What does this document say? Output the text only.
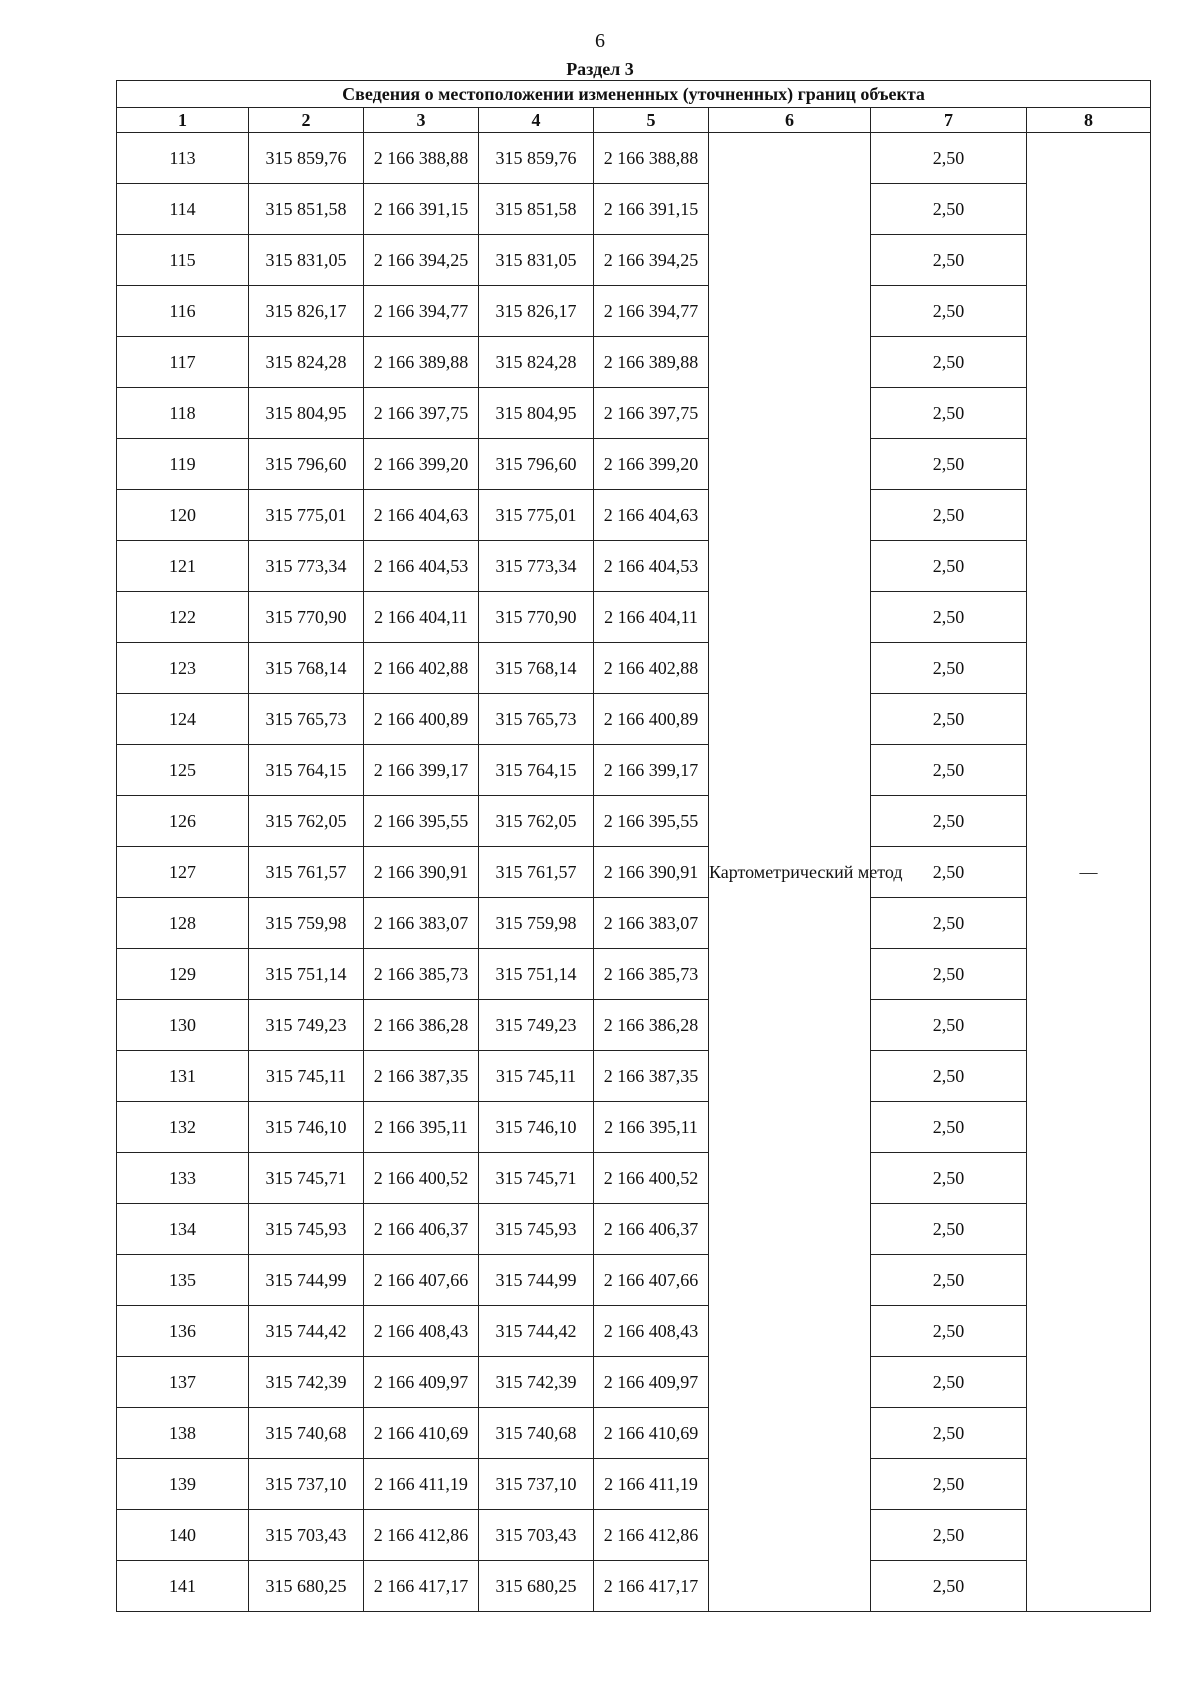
6
Раздел 3
Сведения о местоположении измененных (уточненных) границ объекта							
1	2	3	4	5	6	7	8
113	315 859,76	2 166 388,88	315 859,76	2 166 388,88	Картометрический метод	2,50	—
114	315 851,58	2 166 391,15	315 851,58	2 166 391,15		2,50	
115	315 831,05	2 166 394,25	315 831,05	2 166 394,25		2,50	
116	315 826,17	2 166 394,77	315 826,17	2 166 394,77		2,50	
117	315 824,28	2 166 389,88	315 824,28	2 166 389,88		2,50	
118	315 804,95	2 166 397,75	315 804,95	2 166 397,75		2,50	
119	315 796,60	2 166 399,20	315 796,60	2 166 399,20		2,50	
120	315 775,01	2 166 404,63	315 775,01	2 166 404,63		2,50	
121	315 773,34	2 166 404,53	315 773,34	2 166 404,53		2,50	
122	315 770,90	2 166 404,11	315 770,90	2 166 404,11		2,50	
123	315 768,14	2 166 402,88	315 768,14	2 166 402,88		2,50	
124	315 765,73	2 166 400,89	315 765,73	2 166 400,89		2,50	
125	315 764,15	2 166 399,17	315 764,15	2 166 399,17		2,50	
126	315 762,05	2 166 395,55	315 762,05	2 166 395,55		2,50	
127	315 761,57	2 166 390,91	315 761,57	2 166 390,91		2,50	
128	315 759,98	2 166 383,07	315 759,98	2 166 383,07		2,50	
129	315 751,14	2 166 385,73	315 751,14	2 166 385,73		2,50	
130	315 749,23	2 166 386,28	315 749,23	2 166 386,28		2,50	
131	315 745,11	2 166 387,35	315 745,11	2 166 387,35		2,50	
132	315 746,10	2 166 395,11	315 746,10	2 166 395,11		2,50	
133	315 745,71	2 166 400,52	315 745,71	2 166 400,52		2,50	
134	315 745,93	2 166 406,37	315 745,93	2 166 406,37		2,50	
135	315 744,99	2 166 407,66	315 744,99	2 166 407,66		2,50	
136	315 744,42	2 166 408,43	315 744,42	2 166 408,43		2,50	
137	315 742,39	2 166 409,97	315 742,39	2 166 409,97		2,50	
138	315 740,68	2 166 410,69	315 740,68	2 166 410,69		2,50	
139	315 737,10	2 166 411,19	315 737,10	2 166 411,19		2,50	
140	315 703,43	2 166 412,86	315 703,43	2 166 412,86		2,50	
141	315 680,25	2 166 417,17	315 680,25	2 166 417,17		2,50	
